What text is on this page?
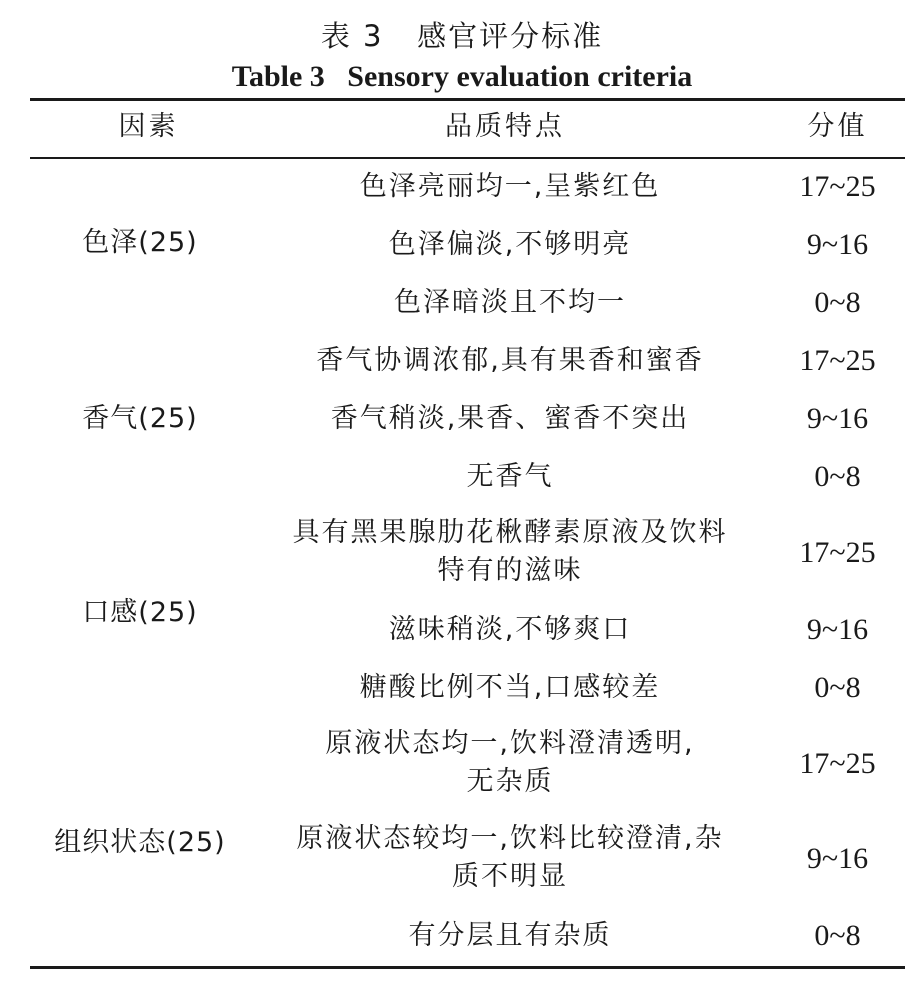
表 3   感官评分标准
Table 3   Sensory evaluation criteria
因素	品质特点	分值
色泽(25)
色泽亮丽均一,呈紫红色	17~25
色泽偏淡,不够明亮	9~16
色泽暗淡且不均一	0~8
香气(25)
香气协调浓郁,具有果香和蜜香	17~25
香气稍淡,果香、蜜香不突出	9~16
无香气	0~8
口感(25)
具有黑果腺肋花楸酵素原液及饮料
特有的滋味
17~25
滋味稍淡,不够爽口	9~16
糖酸比例不当,口感较差	0~8
组织状态(25)
原液状态均一,饮料澄清透明,
无杂质
17~25
原液状态较均一,饮料比较澄清,杂
质不明显
9~16
有分层且有杂质	0~8
